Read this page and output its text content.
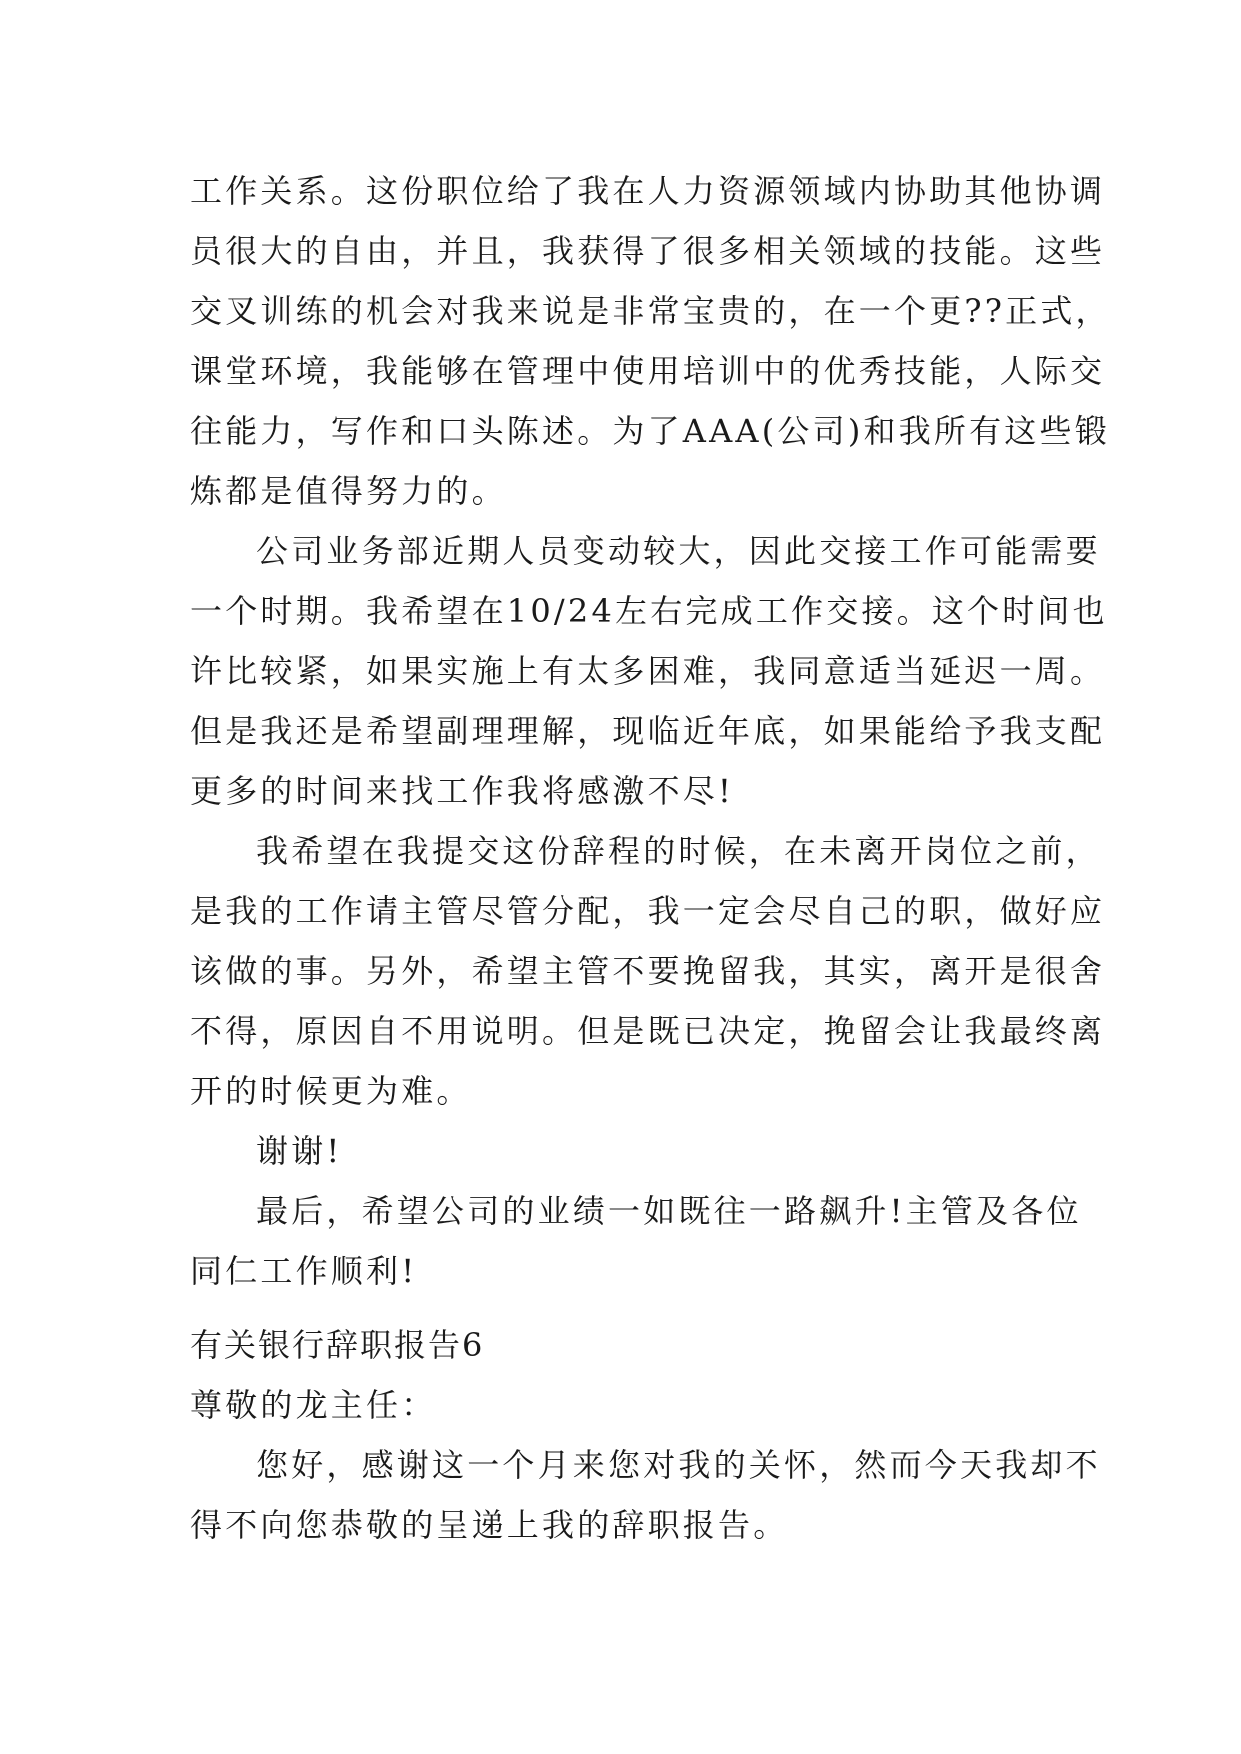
工作关系。这份职位给了我在人力资源领域内协助其他协调
员很大的自由，并且，我获得了很多相关领域的技能。这些
交叉训练的机会对我来说是非常宝贵的，在一个更??正式，
课堂环境，我能够在管理中使用培训中的优秀技能，人际交
往能力，写作和口头陈述。为了AAA(公司)和我所有这些锻
炼都是值得努力的。
公司业务部近期人员变动较大，因此交接工作可能需要
一个时期。我希望在10/24左右完成工作交接。这个时间也
许比较紧，如果实施上有太多困难，我同意适当延迟一周。
但是我还是希望副理理解，现临近年底，如果能给予我支配
更多的时间来找工作我将感激不尽!
我希望在我提交这份辞程的时候，在未离开岗位之前，
是我的工作请主管尽管分配，我一定会尽自己的职，做好应
该做的事。另外，希望主管不要挽留我，其实，离开是很舍
不得，原因自不用说明。但是既已决定，挽留会让我最终离
开的时候更为难。
谢谢!
最后，希望公司的业绩一如既往一路飙升!主管及各位
同仁工作顺利!
有关银行辞职报告6
尊敬的龙主任：
您好，感谢这一个月来您对我的关怀，然而今天我却不
得不向您恭敬的呈递上我的辞职报告。
